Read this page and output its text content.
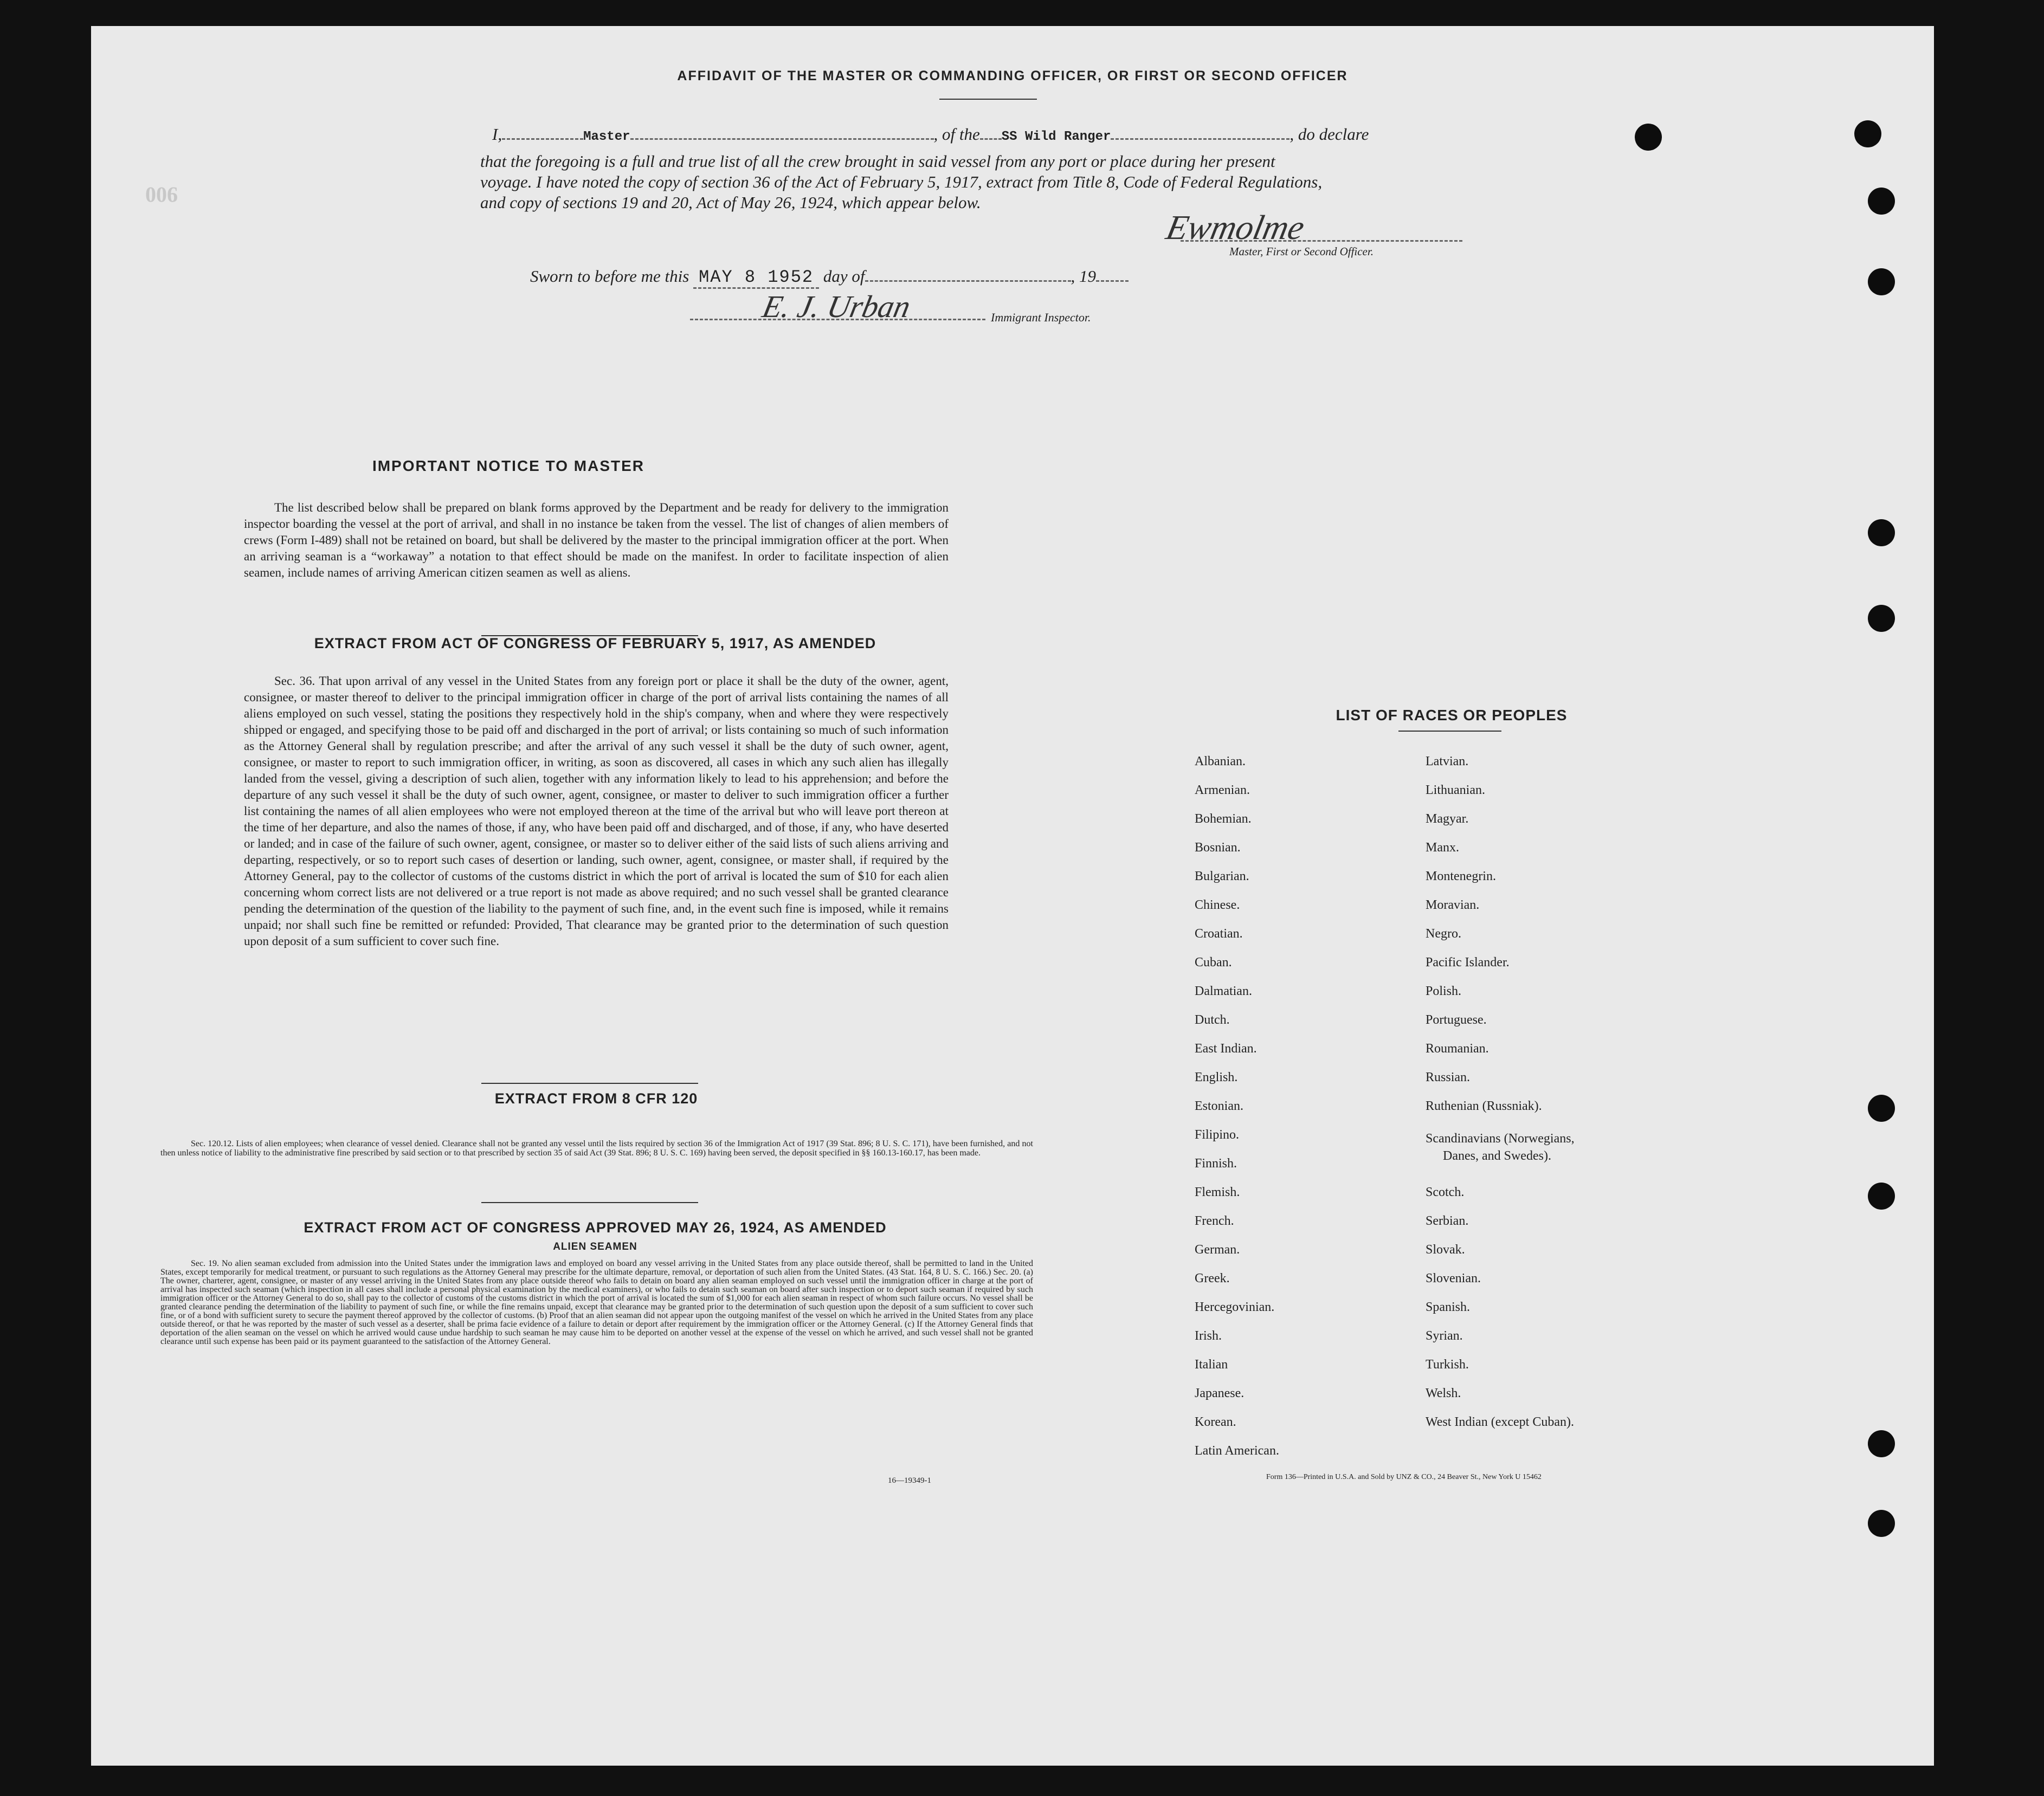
AFFIDAVIT OF THE MASTER OR COMMANDING OFFICER, OR FIRST OR SECOND OFFICER
I,	Master	, of the SS Wild Ranger	, do declare
that the foregoing is a full and true list of all the crew brought in said vessel from any port or place during her present
voyage. I have noted the copy of section 36 of the Act of February 5, 1917, extract from Title 8, Code of Federal Regulations,
and copy of sections 19 and 20, Act of May 26, 1924, which appear below.
Ewmolme
Master, First or Second Officer.
Sworn to before me this MAY 8 1952 day of	, 19
E. J. Urban	Immigrant Inspector.
900
IMPORTANT NOTICE TO MASTER
The list described below shall be prepared on blank forms approved by the Department and be ready for delivery to the immigration inspector boarding the vessel at the port of arrival, and shall in no instance be taken from the vessel. The list of changes of alien members of crews (Form I-489) shall not be retained on board, but shall be delivered by the master to the principal immigration officer at the port. When an arriving seaman is a “workaway” a notation to that effect should be made on the manifest. In order to facilitate inspection of alien seamen, include names of arriving American citizen seamen as well as aliens.
EXTRACT FROM ACT OF CONGRESS OF FEBRUARY 5, 1917, AS AMENDED
Sec. 36. That upon arrival of any vessel in the United States from any foreign port or place it shall be the duty of the owner, agent, consignee, or master thereof to deliver to the principal immigration officer in charge of the port of arrival lists containing the names of all aliens employed on such vessel, stating the positions they respectively hold in the ship's company, when and where they were respectively shipped or engaged, and specifying those to be paid off and discharged in the port of arrival; or lists containing so much of such information as the Attorney General shall by regulation prescribe; and after the arrival of any such vessel it shall be the duty of such owner, agent, consignee, or master to report to such immigration officer, in writing, as soon as discovered, all cases in which any such alien has illegally landed from the vessel, giving a description of such alien, together with any information likely to lead to his apprehension; and before the departure of any such vessel it shall be the duty of such owner, agent, consignee, or master to deliver to such immigration officer a further list containing the names of all alien employees who were not employed thereon at the time of the arrival but who will leave port thereon at the time of her departure, and also the names of those, if any, who have been paid off and discharged, and of those, if any, who have deserted or landed; and in case of the failure of such owner, agent, consignee, or master so to deliver either of the said lists of such aliens arriving and departing, respectively, or so to report such cases of desertion or landing, such owner, agent, consignee, or master shall, if required by the Attorney General, pay to the collector of customs of the customs district in which the port of arrival is located the sum of $10 for each alien concerning whom correct lists are not delivered or a true report is not made as above required; and no such vessel shall be granted clearance pending the determination of the question of the liability to the payment of such fine, and, in the event such fine is imposed, while it remains unpaid; nor shall such fine be remitted or refunded: Provided, That clearance may be granted prior to the determination of such question upon deposit of a sum sufficient to cover such fine.
EXTRACT FROM 8 CFR 120
Sec. 120.12. Lists of alien employees; when clearance of vessel denied. Clearance shall not be granted any vessel until the lists required by section 36 of the Immigration Act of 1917 (39 Stat. 896; 8 U. S. C. 171), have been furnished, and not then unless notice of liability to the administrative fine prescribed by said section or to that prescribed by section 35 of said Act (39 Stat. 896; 8 U. S. C. 169) having been served, the deposit specified in §§ 160.13-160.17, has been made.
EXTRACT FROM ACT OF CONGRESS APPROVED MAY 26, 1924, AS AMENDED
ALIEN SEAMEN
Sec. 19. No alien seaman excluded from admission into the United States under the immigration laws and employed on board any vessel arriving in the United States from any place outside thereof, shall be permitted to land in the United States, except temporarily for medical treatment, or pursuant to such regulations as the Attorney General may prescribe for the ultimate departure, removal, or deportation of such alien from the United States. (43 Stat. 164, 8 U. S. C. 166.) Sec. 20. (a) The owner, charterer, agent, consignee, or master of any vessel arriving in the United States from any place outside thereof who fails to detain on board any alien seaman employed on such vessel until the immigration officer in charge at the port of arrival has inspected such seaman (which inspection in all cases shall include a personal physical examination by the medical examiners), or who fails to detain such seaman on board after such inspection or to deport such seaman if required by such immigration officer or the Attorney General to do so, shall pay to the collector of customs of the customs district in which the port of arrival is located the sum of $1,000 for each alien seaman in respect of whom such failure occurs. No vessel shall be granted clearance pending the determination of the liability to payment of such fine, or while the fine remains unpaid, except that clearance may be granted prior to the determination of such question upon the deposit of a sum sufficient to cover such fine, or of a bond with sufficient surety to secure the payment thereof approved by the collector of customs. (b) Proof that an alien seaman did not appear upon the outgoing manifest of the vessel on which he arrived in the United States from any place outside thereof, or that he was reported by the master of such vessel as a deserter, shall be prima facie evidence of a failure to detain or deport after requirement by the immigration officer or the Attorney General. (c) If the Attorney General finds that deportation of the alien seaman on the vessel on which he arrived would cause undue hardship to such seaman he may cause him to be deported on another vessel at the expense of the vessel on which he arrived, and such vessel shall not be granted clearance until such expense has been paid or its payment guaranteed to the satisfaction of the Attorney General.
16—19349-1
LIST OF RACES OR PEOPLES
Albanian.
Armenian.
Bohemian.
Bosnian.
Bulgarian.
Chinese.
Croatian.
Cuban.
Dalmatian.
Dutch.
East Indian.
English.
Estonian.
Filipino.
Finnish.
Flemish.
French.
German.
Greek.
Hercegovinian.
Irish.
Italian
Japanese.
Korean.
Latin American.
Latvian.
Lithuanian.
Magyar.
Manx.
Montenegrin.
Moravian.
Negro.
Pacific Islander.
Polish.
Portuguese.
Roumanian.
Russian.
Ruthenian (Russniak).
Scandinavians (Norwegians,
Danes, and Swedes).
Scotch.
Serbian.
Slovak.
Slovenian.
Spanish.
Syrian.
Turkish.
Welsh.
West Indian (except Cuban).
Form 136—Printed in U.S.A. and Sold by UNZ & CO., 24 Beaver St., New York U 15462
